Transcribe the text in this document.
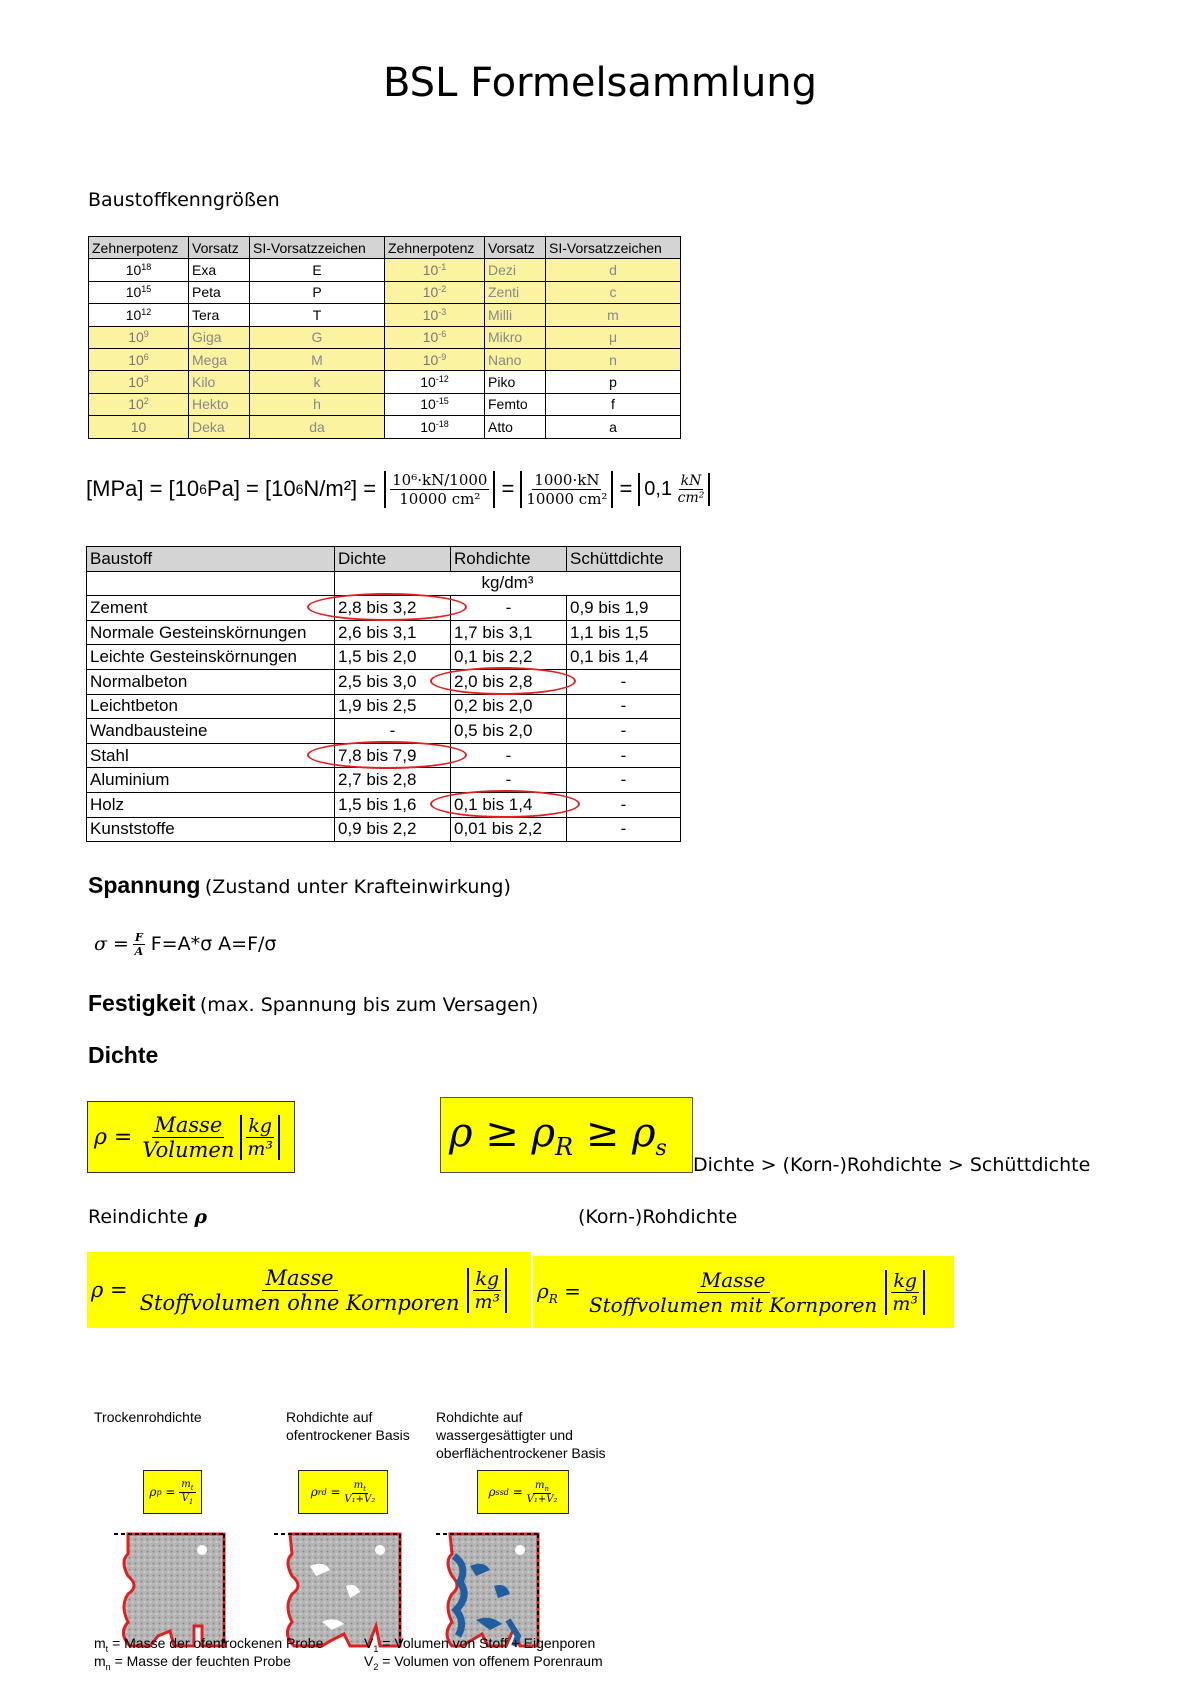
BSL Formelsammlung
Baustoffkenngrößen
Zehnerpotenz	Vorsatz	SI-Vorsatzzeichen	Zehnerpotenz	Vorsatz	SI-Vorsatzzeichen
$10^{18}$	Exa	E	$10^{-1}$	Dezi	d
$10^{15}$	Peta	P	$10^{-2}$	Zenti	c
$10^{12}$	Tera	T	$10^{-3}$	Milli	m
$10^9$	Giga	G	$10^{-6}$	Mikro	μ
$10^6$	Mega	M	$10^{-9}$	Nano	n
$10^3$	Kilo	k	$10^{-12}$	Piko	p
$10^2$	Hekto	h	$10^{-15}$	Femto	f
10	Deka	da	$10^{-18}$	Atto	a
[MPa] = [10 6 Pa] = [10 6 $N/m^2] = \frac{\text{10⁶·kN/1000}}{\text{10000 cm²}} = \frac{1000\cdot kN}{\text{10000 cm²}} = 0,1 \frac{kN}{\text{cm²}}$
Baustoff	Dichte	Rohdichte	Schüttdichte
	kg/dm³		
Zement	2,8 bis 3,2	-	0,9 bis 1,9
Normale Gesteinskörnungen	2,6 bis 3,1	1,7 bis 3,1	1,1 bis 1,5
Leichte Gesteinskörnungen	1,5 bis 2,0	0,1 bis 2,2	0,1 bis 1,4
Normalbeton	2,5 bis 3,0	2,0 bis 2,8	-
Leichtbeton	1,9 bis 2,5	0,2 bis 2,0	-
Wandbausteine	-	0,5 bis 2,0	-
Stahl	7,8 bis 7,9	-	-
Aluminium	2,7 bis 2,8	-	-
Holz	1,5 bis 1,6	0,1 bis 1,4	-
Kunststoffe	0,9 bis 2,2	0,01 bis 2,2	-
Spannung (Zustand unter Krafteinwirkung)
$\sigma = \frac{F}{A} F=A*\sigma$ A=F/σ
Festigkeit (max. Spannung bis zum Versagen)
Dichte
$\rho = \frac{\text{Masse}}{\text{Volumen}} \frac{kg}{\text{m³}}$	$\rho \ge \rho_R \ge \rho_s$
Dichte > (Korn-)Rohdichte > Schüttdichte
Reindichte ρ	(Korn-)Rohdichte
$\rho = \frac{\text{Masse}}{\text{Stoffvolumen ohne Kornporen}} \frac{kg}{\text{m³}} \rho_R = \frac{\text{Masse}}{\text{Stoffvolumen mit Kornporen}} \frac{kg}{\text{m³}}$
Trockenrohdichte	Rohdichte auf ofentrockener Basis
Rohdichte auf wassergesättigter und oberflächentrockener Basis
ρ $p = \frac{m_t}{V_1}$	ρ rd = $\frac{m_t}{\text{V₁+V₂}}$	ρ ssd = $\frac{m_n}{\text{V₁+V₂}}$
$m_t$ = Masse der ofentrockenen Probe
$m_n$ = Masse der feuchten Probe
$V_1$ = Volumen von Stoff + Eigenporen
$V_2$ = Volumen von offenem Porenraum
